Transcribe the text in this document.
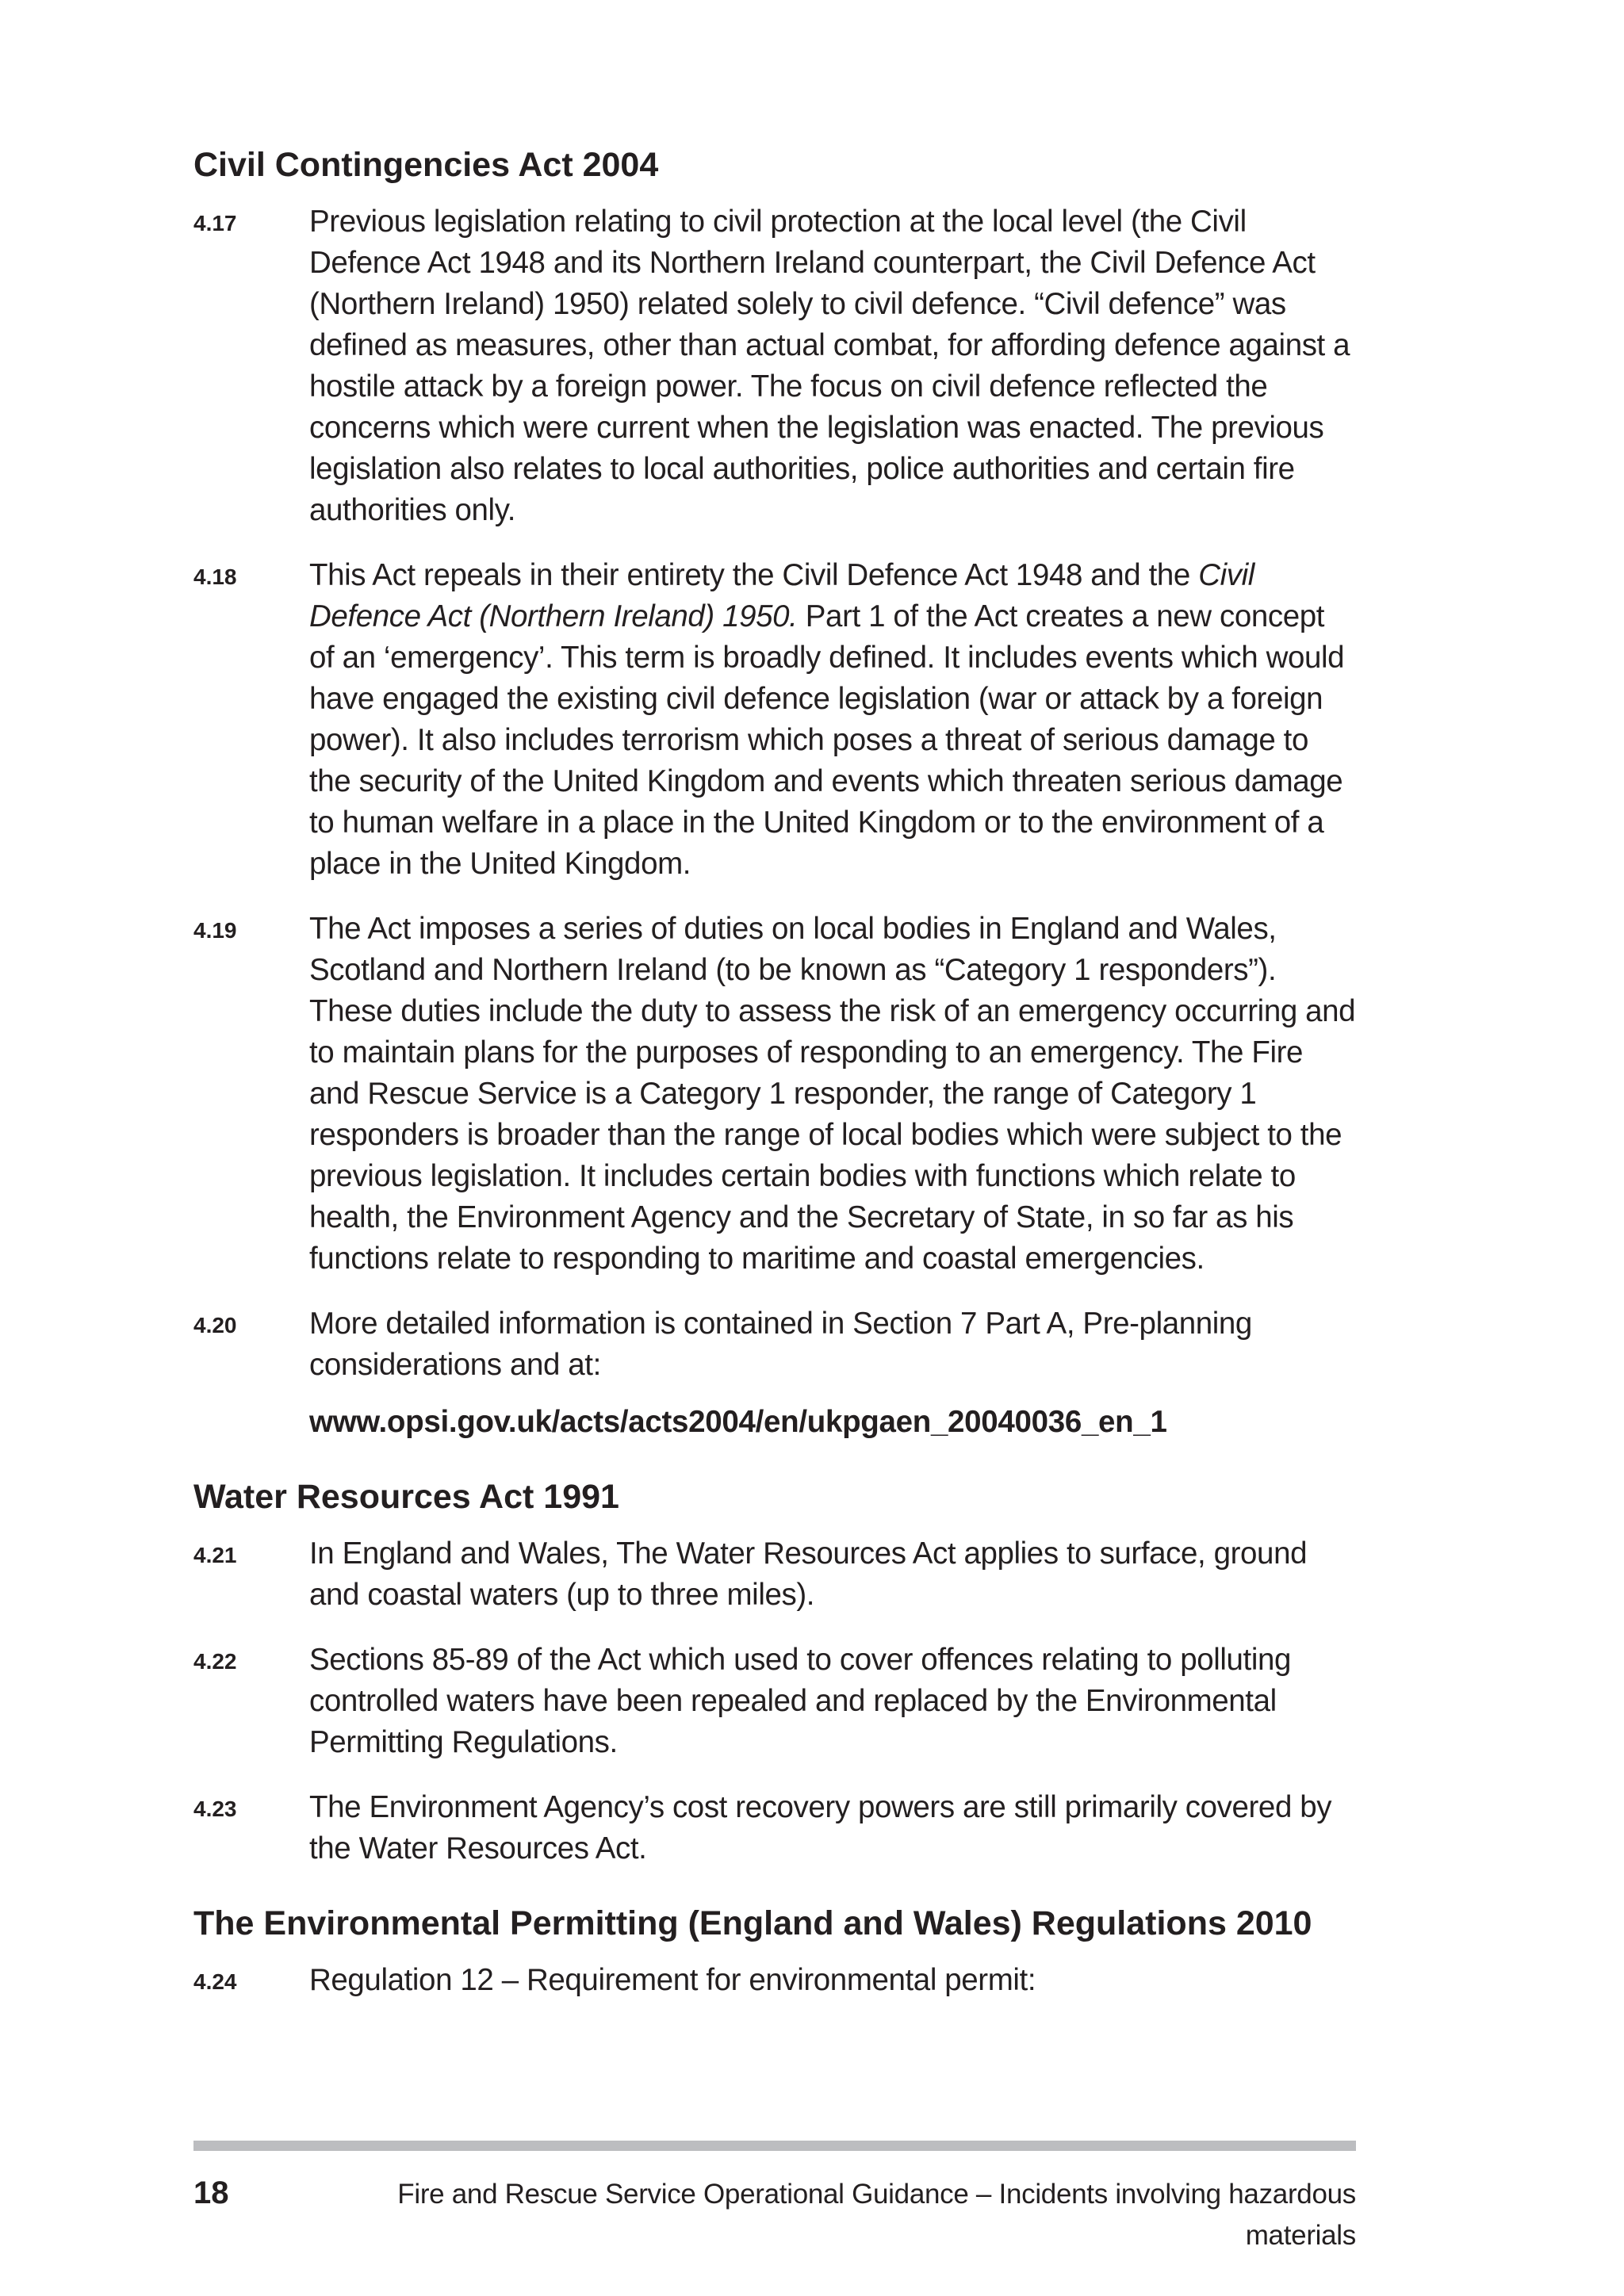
Civil Contingencies Act 2004
4.17	Previous legislation relating to civil protection at the local level (the Civil Defence Act 1948 and its Northern Ireland counterpart, the Civil Defence Act (Northern Ireland) 1950) related solely to civil defence. “Civil defence” was defined as measures, other than actual combat, for affording defence against a hostile attack by a foreign power. The focus on civil defence reflected the concerns which were current when the legislation was enacted. The previous legislation also relates to local authorities, police authorities and certain fire authorities only.
4.18	This Act repeals in their entirety the Civil Defence Act 1948 and the Civil Defence Act (Northern Ireland) 1950. Part 1 of the Act creates a new concept of an ‘emergency’. This term is broadly defined. It includes events which would have engaged the existing civil defence legislation (war or attack by a foreign power). It also includes terrorism which poses a threat of serious damage to the security of the United Kingdom and events which threaten serious damage to human welfare in a place in the United Kingdom or to the environment of a place in the United Kingdom.
4.19	The Act imposes a series of duties on local bodies in England and Wales, Scotland and Northern Ireland (to be known as “Category 1 responders”). These duties include the duty to assess the risk of an emergency occurring and to maintain plans for the purposes of responding to an emergency. The Fire and Rescue Service is a Category 1 responder, the range of Category 1 responders is broader than the range of local bodies which were subject to the previous legislation. It includes certain bodies with functions which relate to health, the Environment Agency and the Secretary of State, in so far as his functions relate to responding to maritime and coastal emergencies.
4.20	More detailed information is contained in Section 7 Part A, Pre-planning considerations and at:
www.opsi.gov.uk/acts/acts2004/en/ukpgaen_20040036_en_1
Water Resources Act 1991
4.21	In England and Wales, The Water Resources Act applies to surface, ground and coastal waters (up to three miles).
4.22	Sections 85-89 of the Act which used to cover offences relating to polluting controlled waters have been repealed and replaced by the Environmental Permitting Regulations.
4.23	The Environment Agency’s cost recovery powers are still primarily covered by the Water Resources Act.
The Environmental Permitting (England and Wales) Regulations 2010
4.24	Regulation 12 – Requirement for environmental permit:
18	Fire and Rescue Service Operational Guidance – Incidents involving hazardous materials
